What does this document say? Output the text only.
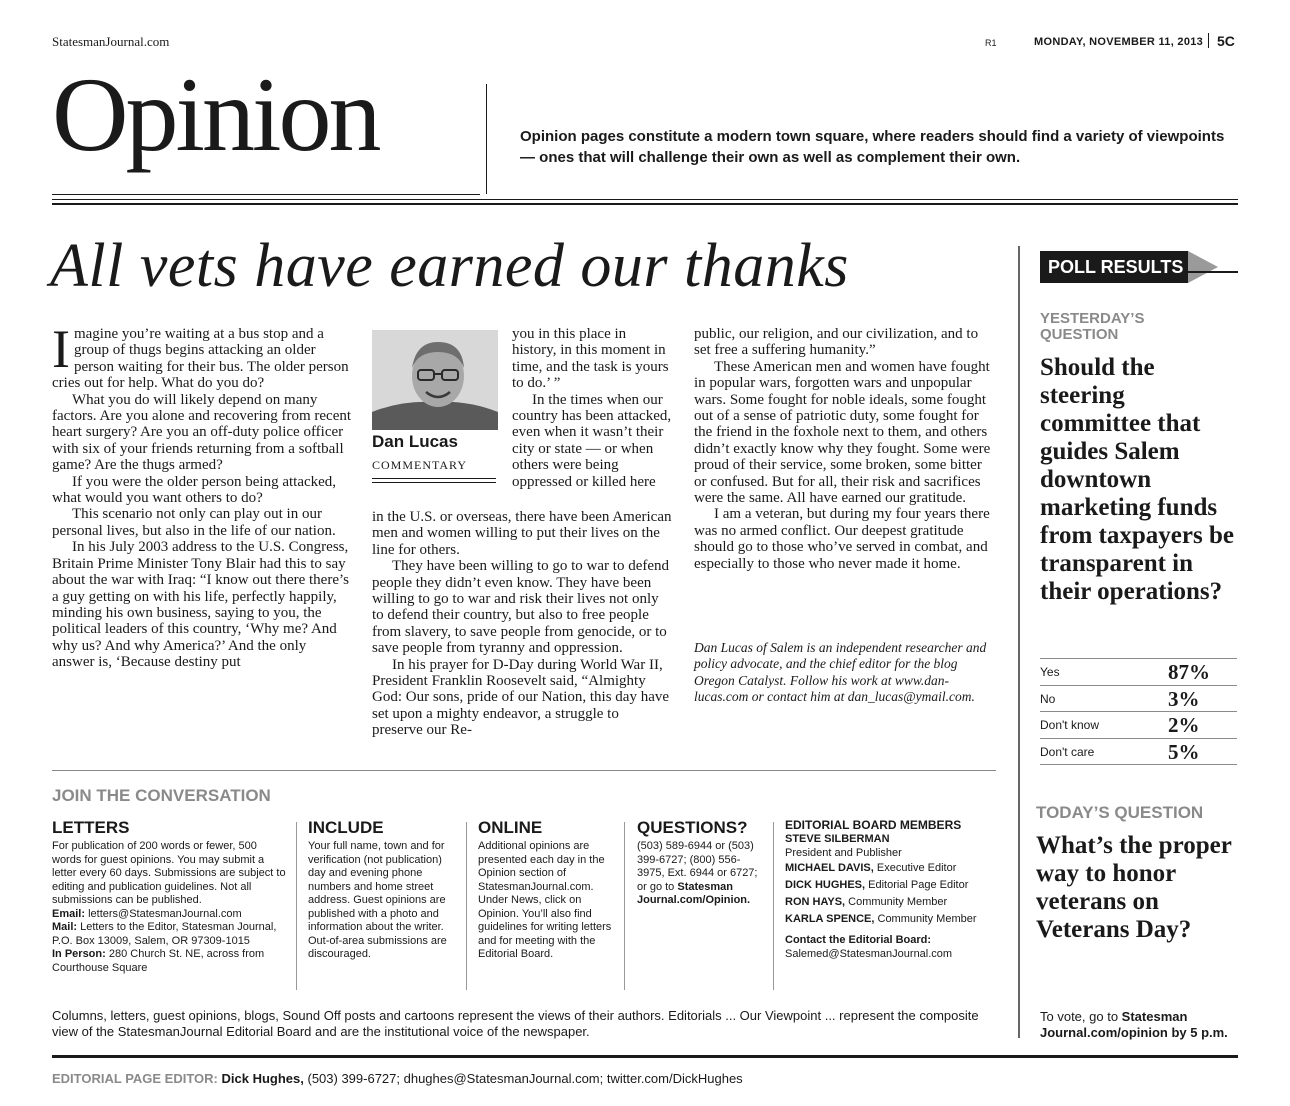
StatesmanJournal.com	R1	MONDAY, NOVEMBER 11, 2013 5C
Opinion	Opinion pages constitute a modern town square, where readers should find a variety of viewpoints — ones that will challenge their own as well as complement their own.
All vets have earned our thanks

Imagine you’re waiting at a bus stop and a group of thugs begins attacking an older person waiting for their bus. The older person cries out for help. What do you do?

What you do will likely depend on many factors. Are you alone and recovering from recent heart surgery? Are you an off-duty police officer with six of your friends returning from a softball game? Are the thugs armed?

If you were the older person being attacked, what would you want others to do?

This scenario not only can play out in our personal lives, but also in the life of our nation.

In his July 2003 address to the U.S. Congress, Britain Prime Minister Tony Blair had this to say about the war with Iraq: “I know out there there’s a guy getting on with his life, perfectly happily, minding his own business, saying to you, the political leaders of this country, ‘Why me? And why us? And why America?’ And the only answer is, ‘Because destiny put

Dan Lucas
COMMENTARY

you in this place in history, in this moment in time, and the task is yours to do.’ ”

In the times when our country has been attacked, even when it wasn’t their city or state — or when others were being oppressed or killed here

in the U.S. or overseas, there have been American men and women willing to put their lives on the line for others.

They have been willing to go to war to defend people they didn’t even know. They have been willing to go to war and risk their lives not only to defend their country, but also to free people from slavery, to save people from genocide, or to save people from tyranny and oppression.

In his prayer for D-Day during World War II, President Franklin Roosevelt said, “Almighty God: Our sons, pride of our Nation, this day have set upon a mighty endeavor, a struggle to preserve our Re-

public, our religion, and our civilization, and to set free a suffering humanity.”

These American men and women have fought in popular wars, forgotten wars and unpopular wars. Some fought for noble ideals, some fought out of a sense of patriotic duty, some fought for the friend in the foxhole next to them, and others didn’t exactly know why they fought. Some were proud of their service, some broken, some bitter or confused. But for all, their risk and sacrifices were the same. All have earned our gratitude.

I am a veteran, but during my four years there was no armed conflict. Our deepest gratitude should go to those who’ve served in combat, and especially to those who never made it home.

Dan Lucas of Salem is an independent researcher and policy advocate, and the chief editor for the blog Oregon Catalyst. Follow his work at www.dan-lucas.com or contact him at dan_lucas@ymail.com.
POLL RESULTS
YESTERDAY’S QUESTION
Should the steering committee that guides Salem downtown marketing funds from taxpayers be transparent in their operations?
Yes	87%
No	3%
Don't know	2%
Don't care	5%
TODAY’S QUESTION
What’s the proper way to honor veterans on Veterans Day?
To vote, go to Statesman Journal.com/opinion by 5 p.m.
JOIN THE CONVERSATION
LETTERS
For publication of 200 words or fewer, 500 words for guest opinions. You may submit a letter every 60 days. Submissions are subject to editing and publication guidelines. Not all submissions can be published.
Email: letters@StatesmanJournal.com
Mail: Letters to the Editor, Statesman Journal, P.O. Box 13009, Salem, OR 97309-1015
In Person: 280 Church St. NE, across from Courthouse Square
INCLUDE
Your full name, town and for verification (not publication) day and evening phone numbers and home street address. Guest opinions are published with a photo and information about the writer. Out-of-area submissions are discouraged.
ONLINE
Additional opinions are presented each day in the Opinion section of StatesmanJournal.com. Under News, click on Opinion. You’ll also find guidelines for writing letters and for meeting with the Editorial Board.
QUESTIONS?
(503) 589-6944 or (503) 399-6727; (800) 556-3975, Ext. 6944 or 6727; or go to Statesman Journal.com/Opinion.
EDITORIAL BOARD MEMBERS
STEVE SILBERMAN
President and Publisher
MICHAEL DAVIS, Executive Editor
DICK HUGHES, Editorial Page Editor
RON HAYS, Community Member
KARLA SPENCE, Community Member
Contact the Editorial Board:
Salemed@StatesmanJournal.com
Columns, letters, guest opinions, blogs, Sound Off posts and cartoons represent the views of their authors. Editorials ... Our Viewpoint ... represent the composite view of the StatesmanJournal Editorial Board and are the institutional voice of the newspaper.
EDITORIAL PAGE EDITOR: Dick Hughes, (503) 399-6727; dhughes@StatesmanJournal.com; twitter.com/DickHughes
